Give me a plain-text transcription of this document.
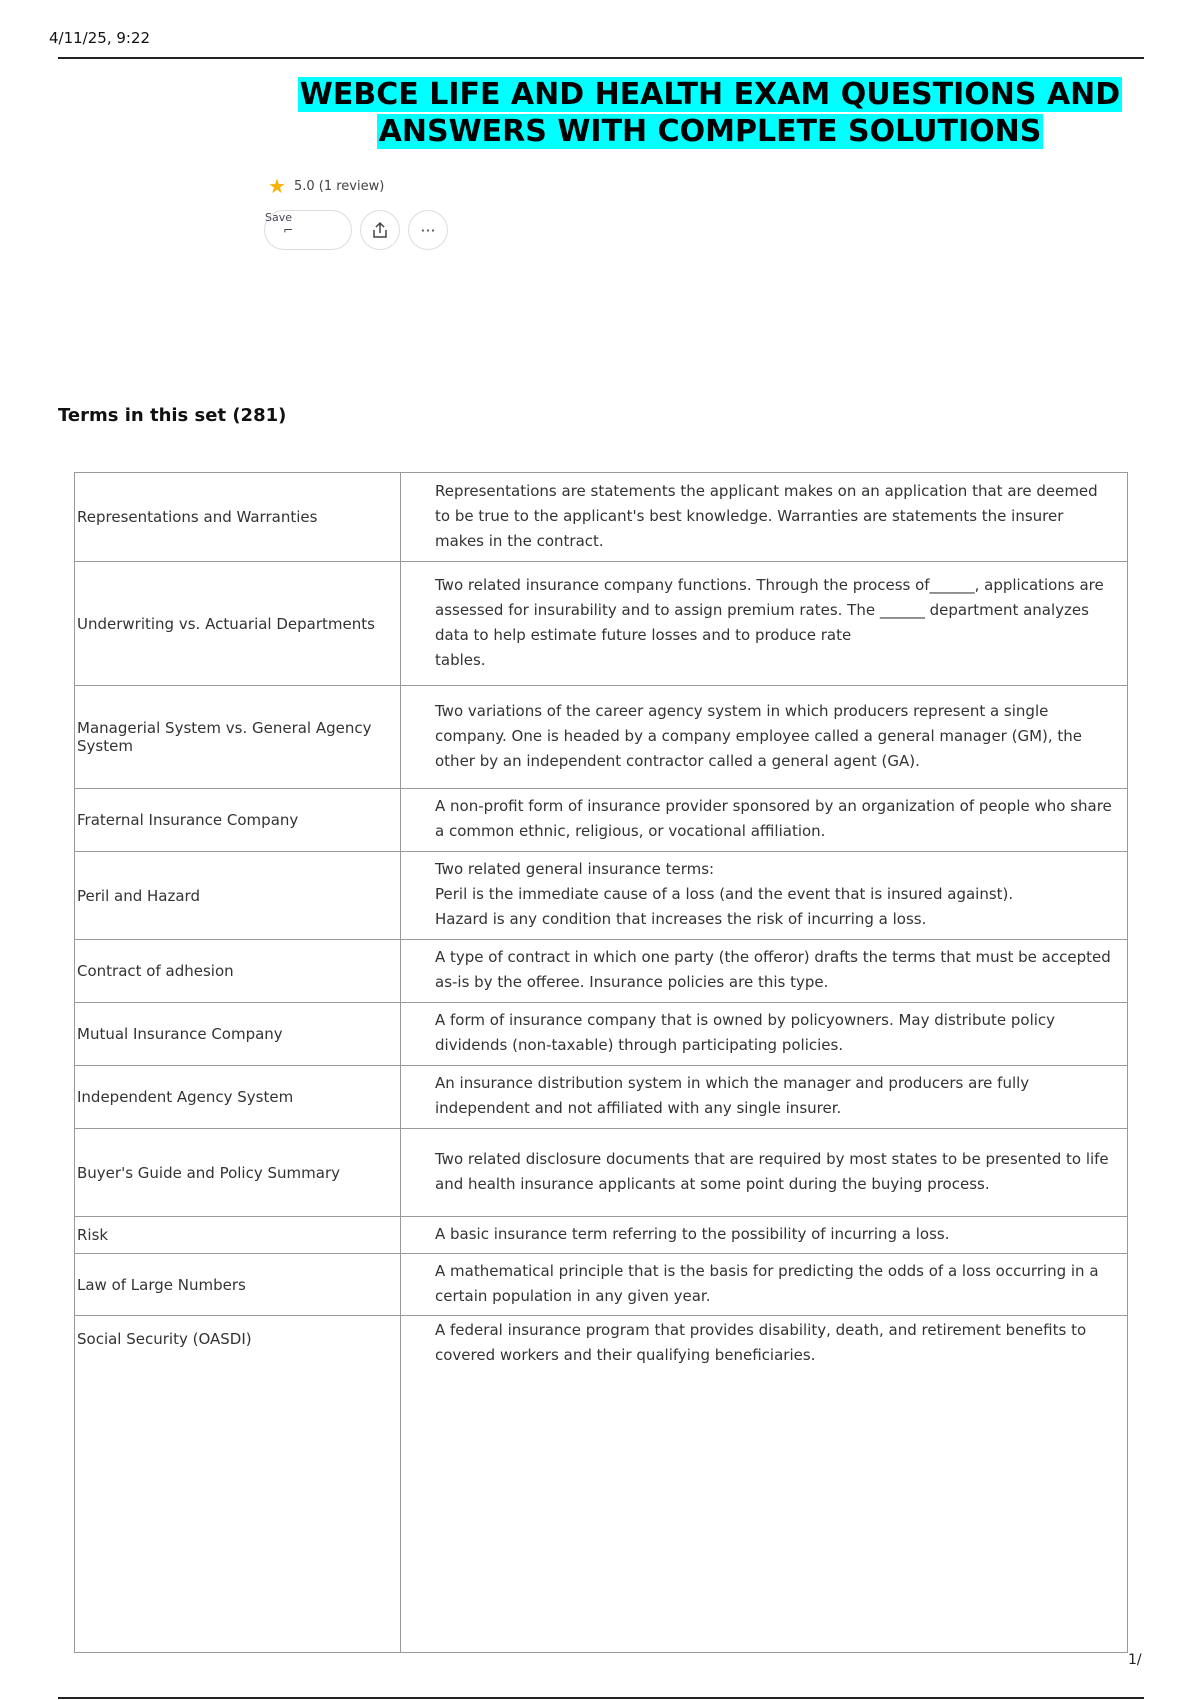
4/11/25, 9:22
WEBCE LIFE AND HEALTH EXAM QUESTIONS AND
ANSWERS WITH COMPLETE SOLUTIONS
★ 5.0 (1 review)
Save
⌐	···
Terms in this set (281)
Representations and Warranties	Representations are statements the applicant makes on an application that are deemed to be true to the applicant's best knowledge. Warranties are statements the insurer makes in the contract.
Underwriting vs. Actuarial Departments	Two related insurance company functions. Through the process of______, applications are assessed for insurability and to assign premium rates. The ______ department analyzes data to help estimate future losses and to produce rate
tables.
Managerial System vs. General Agency System	Two variations of the career agency system in which producers represent a single company. One is headed by a company employee called a general manager (GM), the other by an independent contractor called a general agent (GA).
Fraternal Insurance Company	A non-profit form of insurance provider sponsored by an organization of people who share a common ethnic, religious, or vocational affiliation.
Peril and Hazard	Two related general insurance terms:
Peril is the immediate cause of a loss (and the event that is insured against).
Hazard is any condition that increases the risk of incurring a loss.
Contract of adhesion	A type of contract in which one party (the offeror) drafts the terms that must be accepted as-is by the offeree. Insurance policies are this type.
Mutual Insurance Company	A form of insurance company that is owned by policyowners. May distribute policy dividends (non-taxable) through participating policies.
Independent Agency System	An insurance distribution system in which the manager and producers are fully independent and not affiliated with any single insurer.
Buyer's Guide and Policy Summary	Two related disclosure documents that are required by most states to be presented to life and health insurance applicants at some point during the buying process.
Risk	A basic insurance term referring to the possibility of incurring a loss.
Law of Large Numbers	A mathematical principle that is the basis for predicting the odds of a loss occurring in a certain population in any given year.
Social Security (OASDI)	A federal insurance program that provides disability, death, and retirement benefits to covered workers and their qualifying beneficiaries.
1/
